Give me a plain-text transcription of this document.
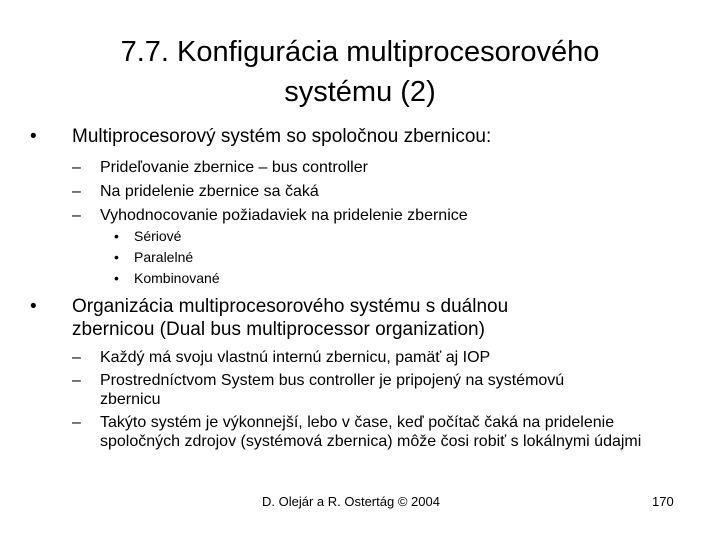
7.7. Konfigurácia multiprocesorového
systému (2)
• Multiprocesorový systém so spoločnou zbernicou:
– Prideľovanie zbernice – bus controller
– Na pridelenie zbernice sa čaká
– Vyhodnocovanie požiadaviek na pridelenie zbernice
• Sériové
• Paralelné
• Kombinované
• Organizácia multiprocesorového systému s duálnou
zbernicou (Dual bus multiprocessor organization)
– Každý má svoju vlastnú internú zbernicu, pamäť aj IOP
– Prostredníctvom System bus controller je pripojený na systémovú zbernicu
– Takýto systém je výkonnejší, lebo v čase, keď počítač čaká na pridelenie spoločných zdrojov (systémová zbernica) môže čosi robiť s lokálnymi údajmi
D. Olejár a R. Ostertág © 2004	170
